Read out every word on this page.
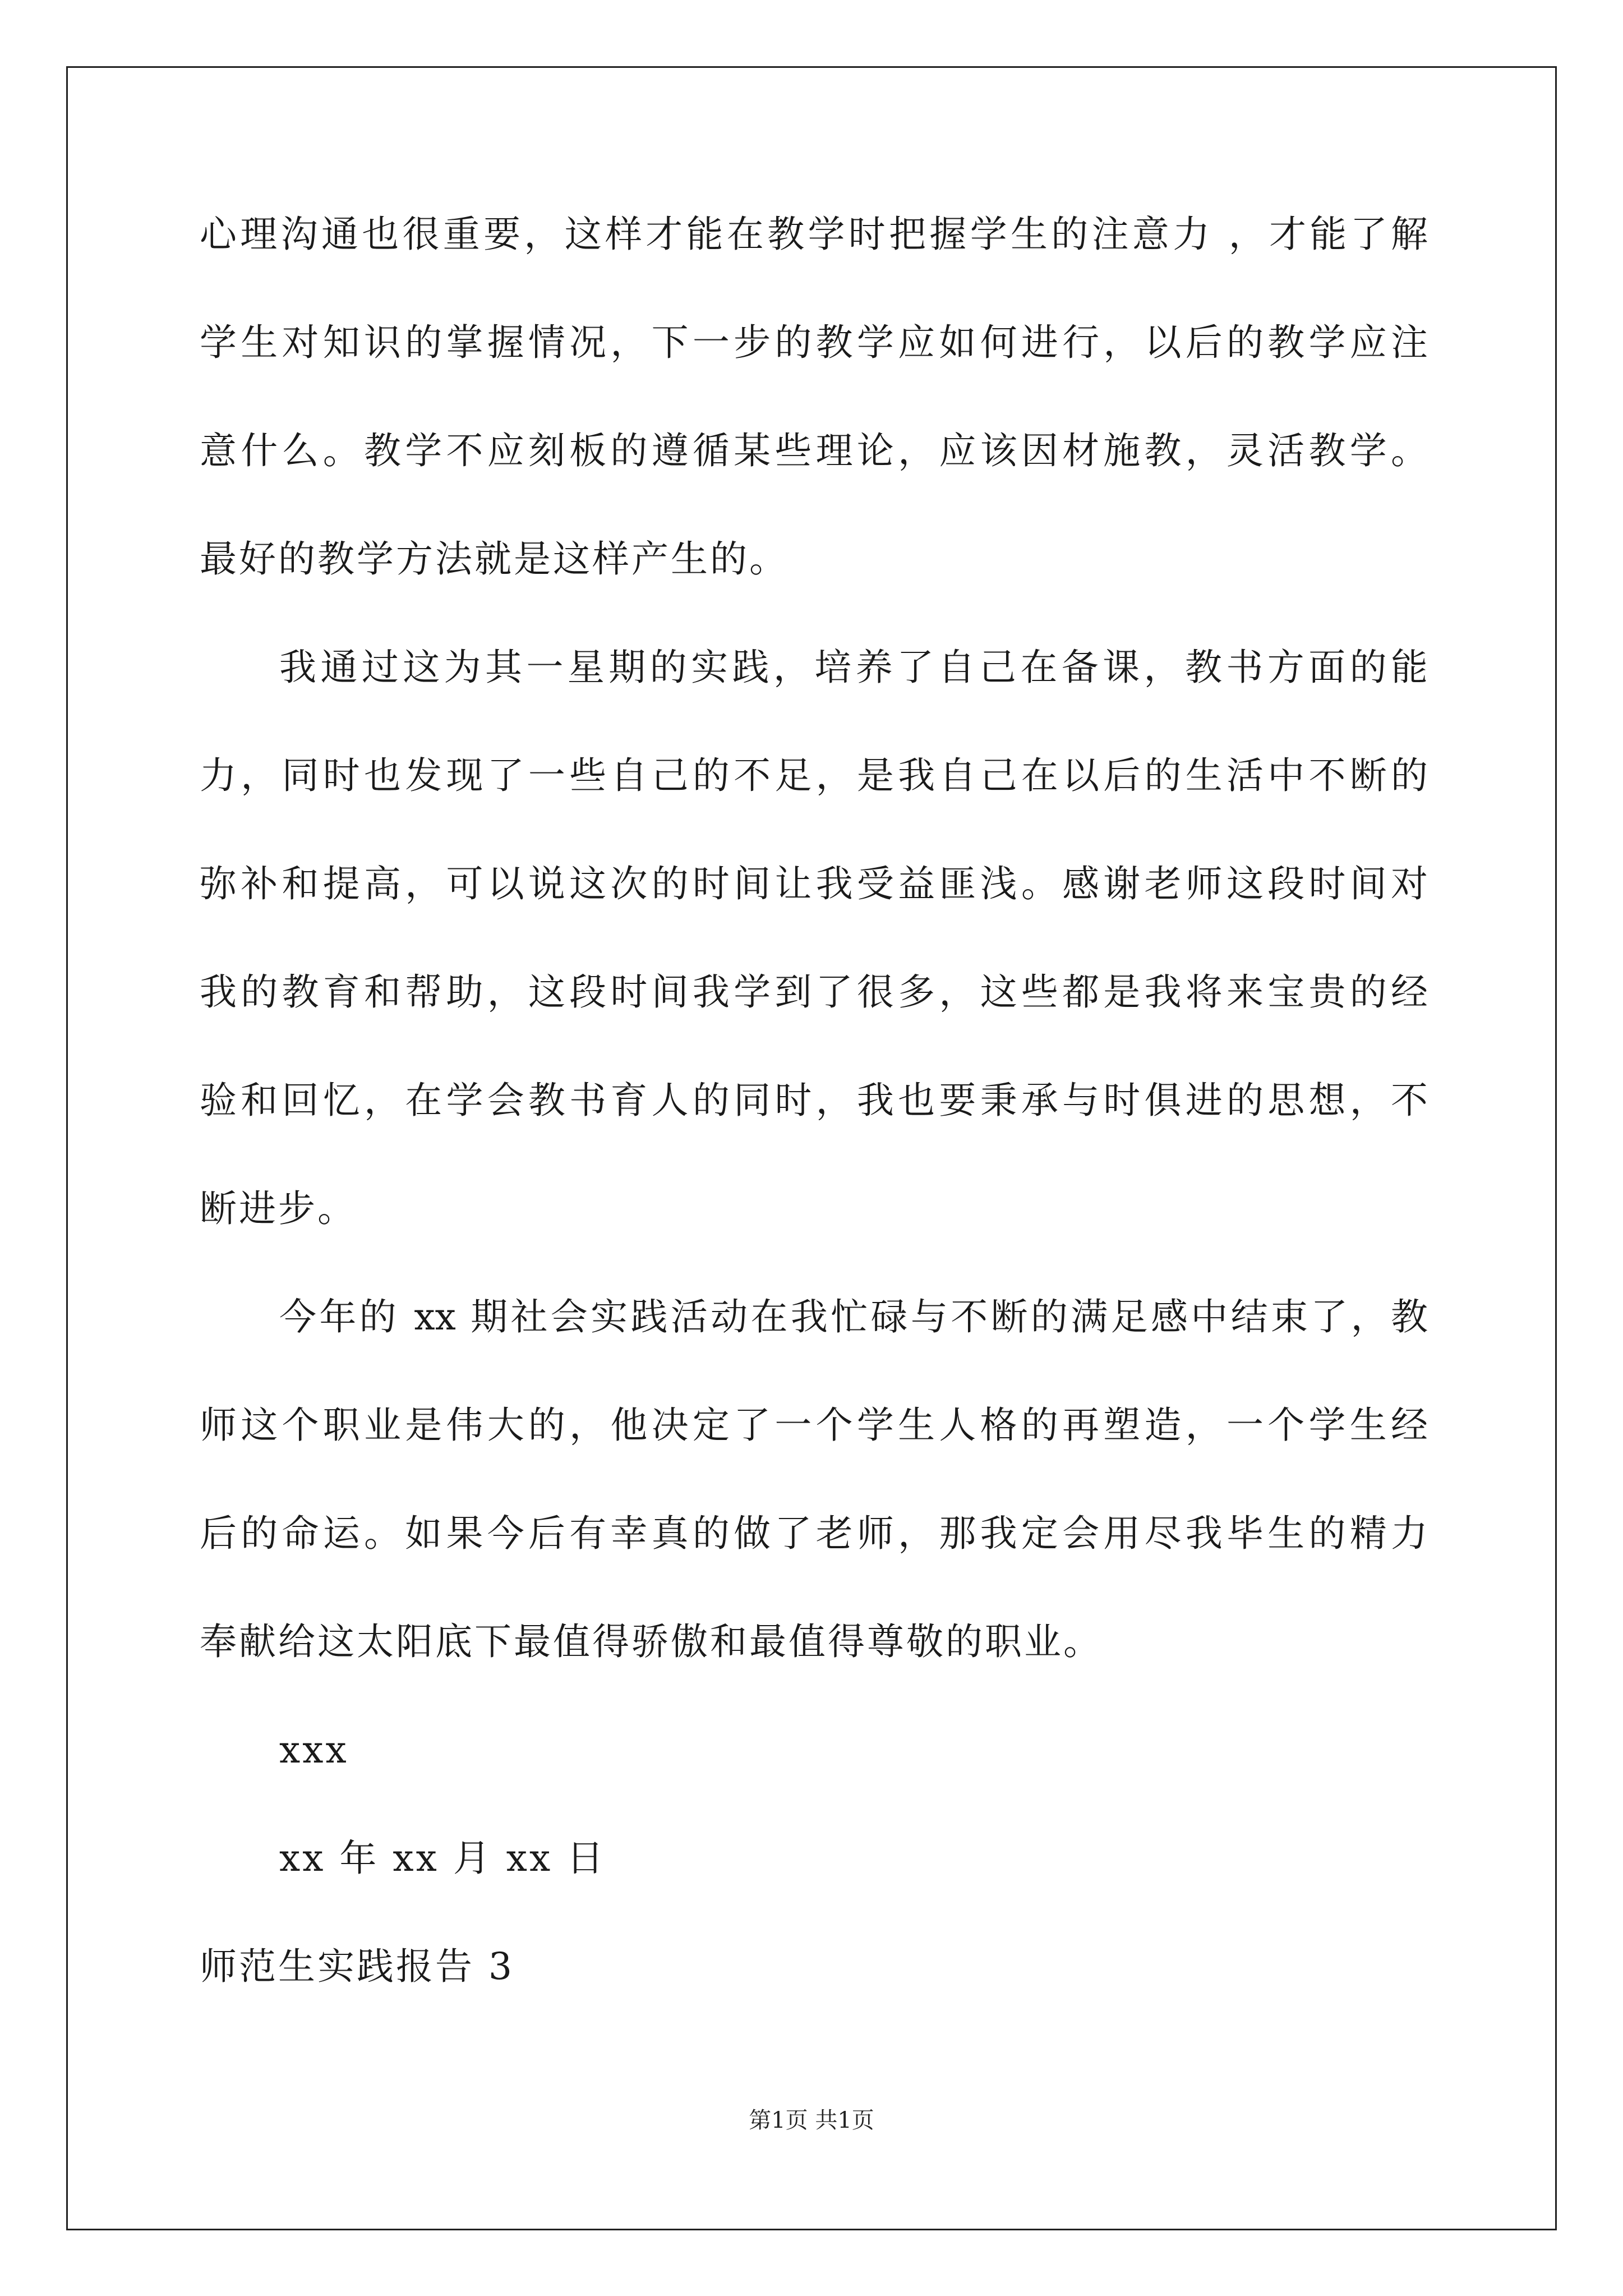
心理沟通也很重要，这样才能在教学时把握学生的注意力 ，才能了解
学生对知识的掌握情况，下一步的教学应如何进行，以后的教学应注
意什么。教学不应刻板的遵循某些理论，应该因材施教，灵活教学。
最好的教学方法就是这样产生的。
我通过这为其一星期的实践，培养了自己在备课，教书方面的能
力，同时也发现了一些自己的不足，是我自己在以后的生活中不断的
弥补和提高，可以说这次的时间让我受益匪浅。感谢老师这段时间对
我的教育和帮助，这段时间我学到了很多，这些都是我将来宝贵的经
验和回忆，在学会教书育人的同时，我也要秉承与时俱进的思想，不
断进步。
今年的 xx 期社会实践活动在我忙碌与不断的满足感中结束了，教
师这个职业是伟大的，他决定了一个学生人格的再塑造，一个学生经
后的命运。如果今后有幸真的做了老师，那我定会用尽我毕生的精力
奉献给这太阳底下最值得骄傲和最值得尊敬的职业。
xxx
xx 年 xx 月 xx 日
师范生实践报告 3
第1页 共1页
